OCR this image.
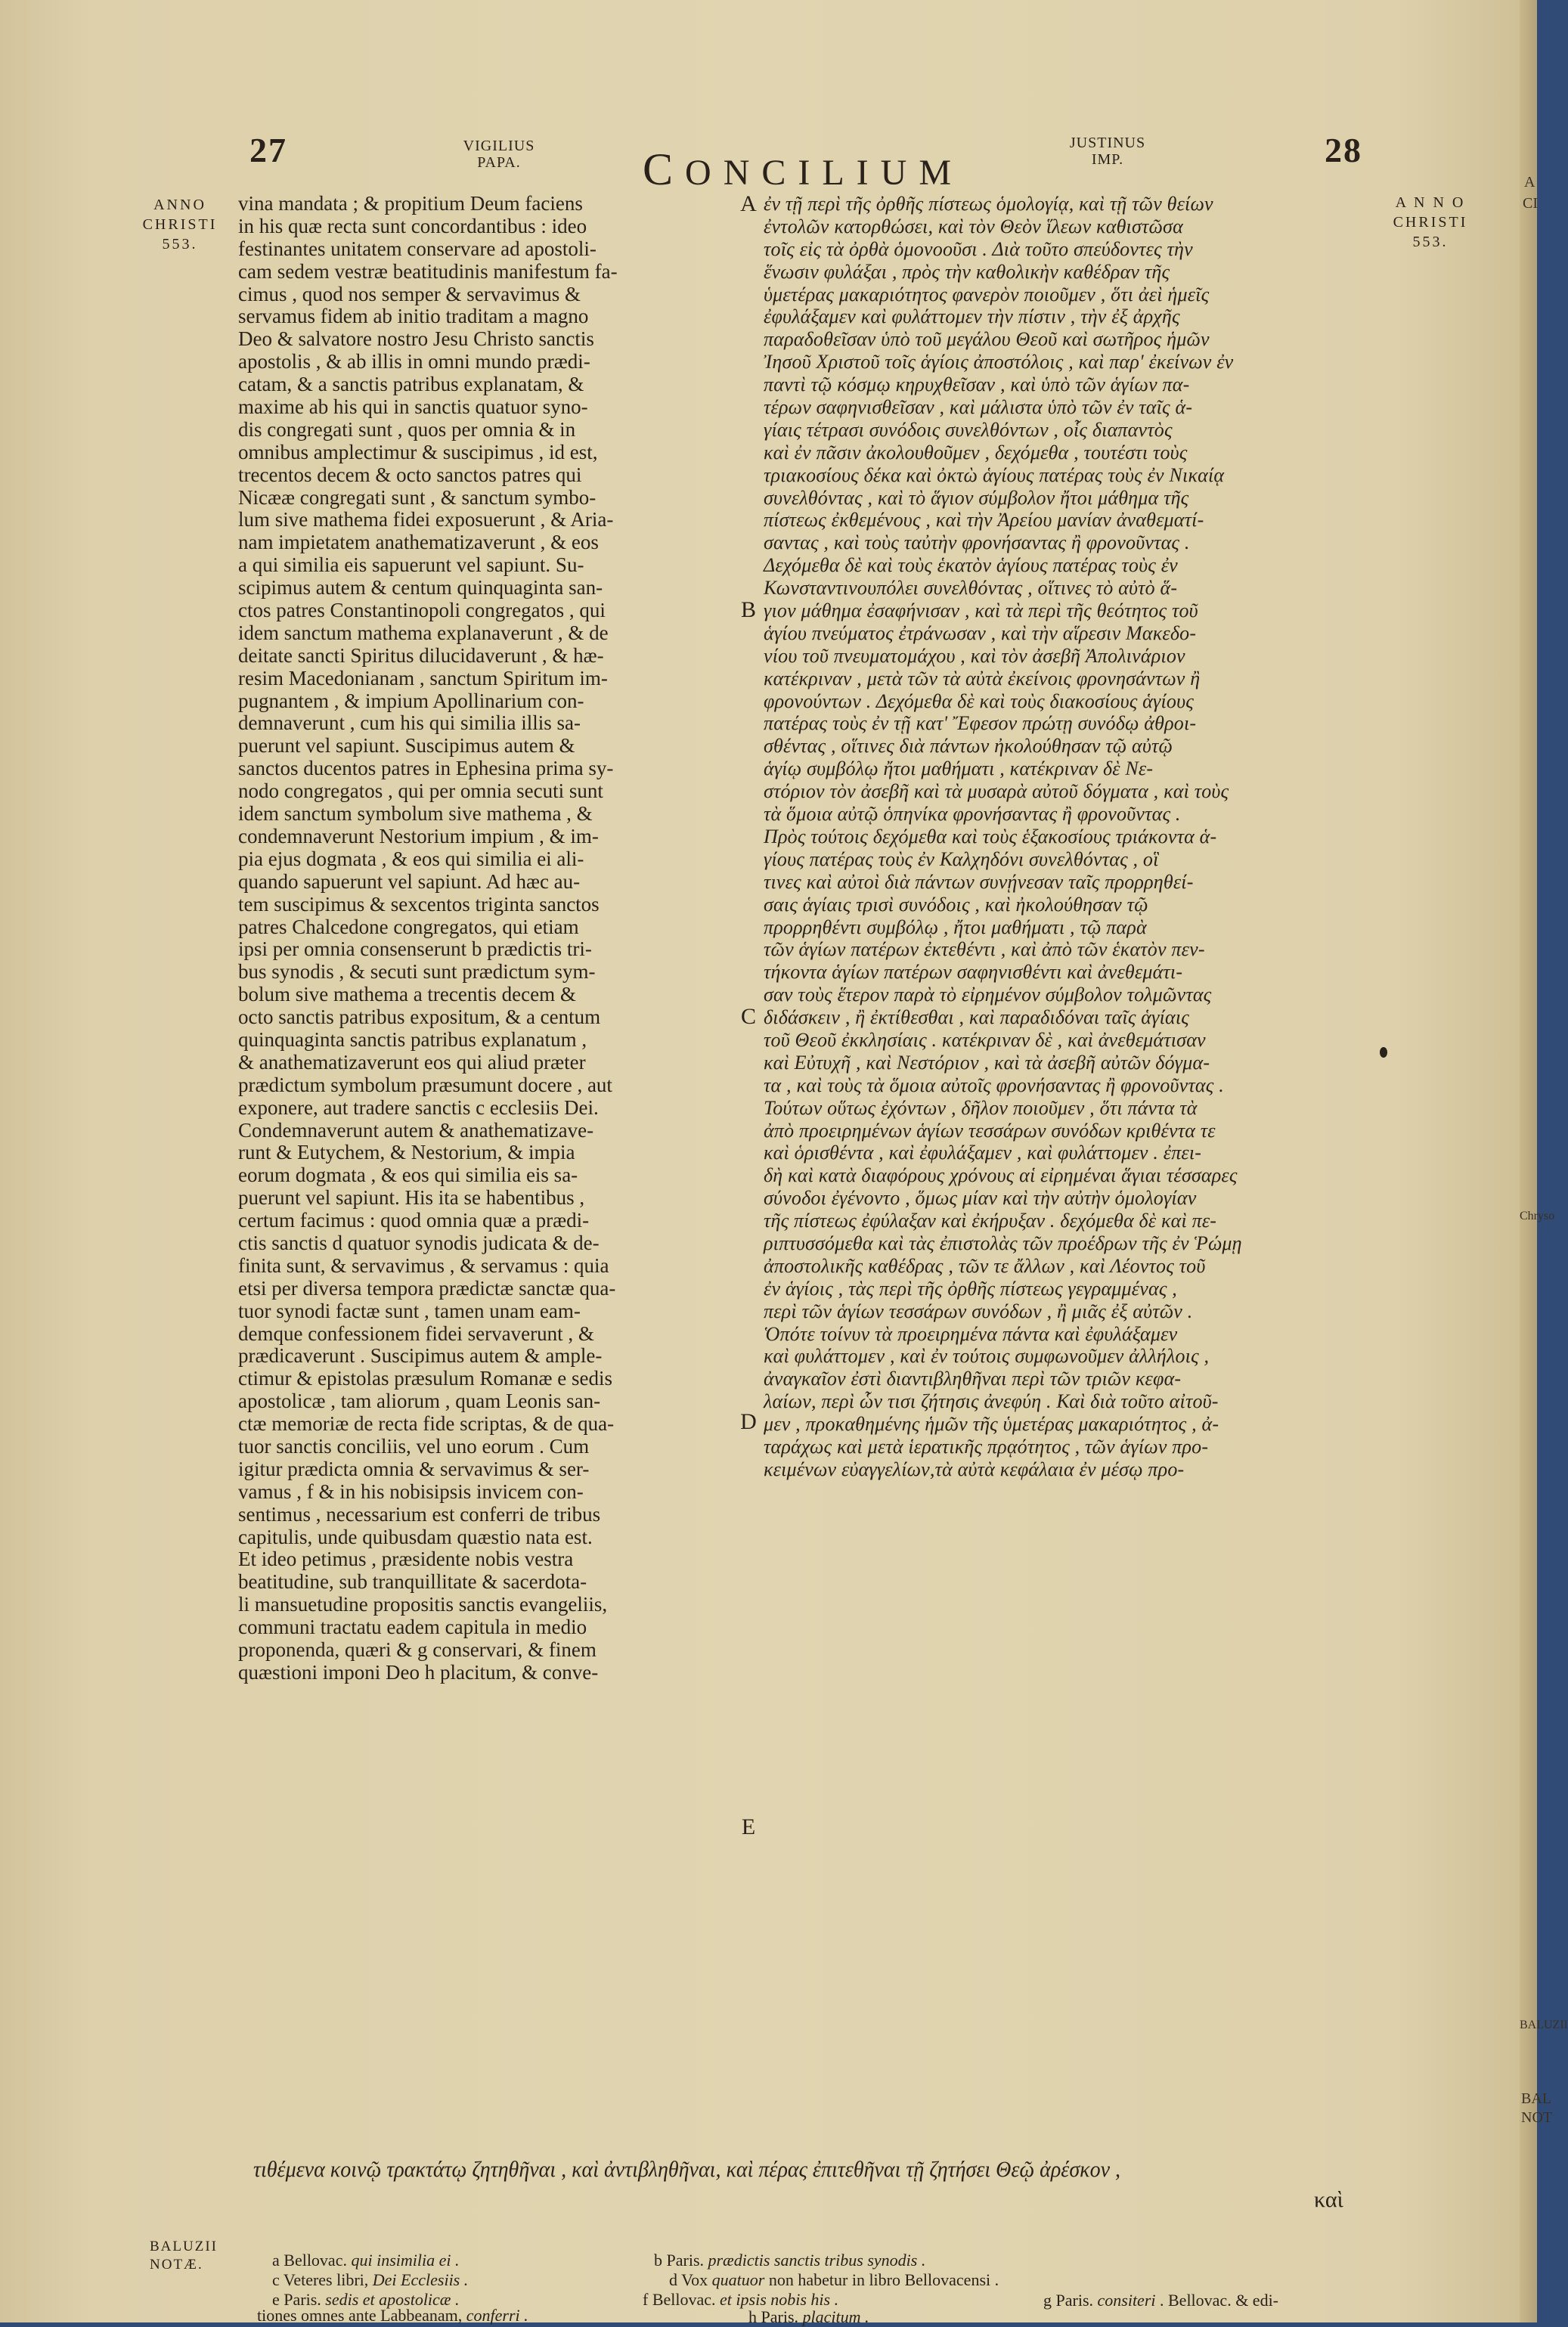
27	VIGILIUS
PAPA.	CONCILIUM
JUSTINUS
IMP.	28
ANNO
CHRISTI
553.
A N N O
CHRISTI
553.
vina mandata ; & propitium Deum faciens
in his quæ recta sunt concordantibus : ideo
festinantes unitatem conservare ad apostoli-
cam sedem vestræ beatitudinis manifestum fa-
cimus , quod nos semper & servavimus &
servamus fidem ab initio traditam a magno
Deo & salvatore nostro Jesu Christo sanctis
apostolis , & ab illis in omni mundo prædi-
catam, & a sanctis patribus explanatam, &
maxime ab his qui in sanctis quatuor syno-
dis congregati sunt , quos per omnia & in
omnibus amplectimur & suscipimus , id est,
trecentos decem & octo sanctos patres qui
Nicææ congregati sunt , & sanctum symbo-
lum sive mathema fidei exposuerunt , & Aria-
nam impietatem anathematizaverunt , & eos
a qui similia eis sapuerunt vel sapiunt. Su-
scipimus autem & centum quinquaginta san-
ctos patres Constantinopoli congregatos , qui
idem sanctum mathema explanaverunt , & de
deitate sancti Spiritus dilucidaverunt , & hæ-
resim Macedonianam , sanctum Spiritum im-
pugnantem , & impium Apollinarium con-
demnaverunt , cum his qui similia illis sa-
puerunt vel sapiunt. Suscipimus autem &
sanctos ducentos patres in Ephesina prima sy-
nodo congregatos , qui per omnia secuti sunt
idem sanctum symbolum sive mathema , &
condemnaverunt Nestorium impium , & im-
pia ejus dogmata , & eos qui similia ei ali-
quando sapuerunt vel sapiunt. Ad hæc au-
tem suscipimus & sexcentos triginta sanctos
patres Chalcedone congregatos, qui etiam
ipsi per omnia consenserunt b prædictis tri-
bus synodis , & secuti sunt prædictum sym-
bolum sive mathema a trecentis decem &
octo sanctis patribus expositum, & a centum
quinquaginta sanctis patribus explanatum ,
& anathematizaverunt eos qui aliud præter
prædictum symbolum præsumunt docere , aut
exponere, aut tradere sanctis c ecclesiis Dei.
Condemnaverunt autem & anathematizave-
runt & Eutychem, & Nestorium, & impia
eorum dogmata , & eos qui similia eis sa-
puerunt vel sapiunt. His ita se habentibus ,
certum facimus : quod omnia quæ a prædi-
ctis sanctis d quatuor synodis judicata & de-
finita sunt, & servavimus , & servamus : quia
etsi per diversa tempora prædictæ sanctæ qua-
tuor synodi factæ sunt , tamen unam eam-
demque confessionem fidei servaverunt , &
prædicaverunt . Suscipimus autem & ample-
ctimur & epistolas præsulum Romanæ e sedis
apostolicæ , tam aliorum , quam Leonis san-
ctæ memoriæ de recta fide scriptas, & de qua-
tuor sanctis conciliis, vel uno eorum . Cum
igitur prædicta omnia & servavimus & ser-
vamus , f & in his nobisipsis invicem con-
sentimus , necessarium est conferri de tribus
capitulis, unde quibusdam quæstio nata est.
Et ideo petimus , præsidente nobis vestra
beatitudine, sub tranquillitate & sacerdota-
li mansuetudine propositis sanctis evangeliis,
communi tractatu eadem capitula in medio
proponenda, quæri & g conservari, & finem
quæstioni imponi Deo h placitum, & conve-
A
B
C
D
E
ἐν τῇ περὶ τῆς ὀρθῆς πίστεως ὁμολογίᾳ, καὶ τῇ τῶν θείων
ἐντολῶν κατορθώσει, καὶ τὸν Θεὸν ἵλεων καθιστῶσα
τοῖς εἰς τὰ ὀρθὰ ὁμονοοῦσι . Διὰ τοῦτο σπεύδοντες τὴν
ἕνωσιν φυλάξαι , πρὸς τὴν καθολικὴν καθέδραν τῆς
ὑμετέρας μακαριότητος φανερὸν ποιοῦμεν , ὅτι ἀεὶ ἡμεῖς
ἐφυλάξαμεν καὶ φυλάττομεν τὴν πίστιν , τὴν ἐξ ἀρχῆς
παραδοθεῖσαν ὑπὸ τοῦ μεγάλου Θεοῦ καὶ σωτῆρος ἡμῶν
Ἰησοῦ Χριστοῦ τοῖς ἁγίοις ἀποστόλοις , καὶ παρ' ἐκείνων ἐν
παντὶ τῷ κόσμῳ κηρυχθεῖσαν , καὶ ὑπὸ τῶν ἁγίων πα-
τέρων σαφηνισθεῖσαν , καὶ μάλιστα ὑπὸ τῶν ἐν ταῖς ἁ-
γίαις τέτρασι συνόδοις συνελθόντων , οἷς διαπαντὸς
καὶ ἐν πᾶσιν ἀκολουθοῦμεν , δεχόμεθα , τουτέστι τοὺς
τριακοσίους δέκα καὶ ὀκτὼ ἁγίους πατέρας τοὺς ἐν Νικαίᾳ
συνελθόντας , καὶ τὸ ἅγιον σύμβολον ἤτοι μάθημα τῆς
πίστεως ἐκθεμένους , καὶ τὴν Ἀρείου μανίαν ἀναθεματί-
σαντας , καὶ τοὺς ταὐτὴν φρονήσαντας ἢ φρονοῦντας .
Δεχόμεθα δὲ καὶ τοὺς ἑκατὸν ἁγίους πατέρας τοὺς ἐν
Κωνσταντινουπόλει συνελθόντας , οἵτινες τὸ αὐτὸ ἅ-
γιον μάθημα ἐσαφήνισαν , καὶ τὰ περὶ τῆς θεότητος τοῦ
ἁγίου πνεύματος ἐτράνωσαν , καὶ τὴν αἵρεσιν Μακεδο-
νίου τοῦ πνευματομάχου , καὶ τὸν ἀσεβῆ Ἀπολινάριον
κατέκριναν , μετὰ τῶν τὰ αὐτὰ ἐκείνοις φρονησάντων ἢ
φρονούντων . Δεχόμεθα δὲ καὶ τοὺς διακοσίους ἁγίους
πατέρας τοὺς ἐν τῇ κατ' Ἔφεσον πρώτῃ συνόδῳ ἀθροι-
σθέντας , οἵτινες διὰ πάντων ἠκολούθησαν τῷ αὐτῷ
ἁγίῳ συμβόλῳ ἤτοι μαθήματι , κατέκριναν δὲ Νε-
στόριον τὸν ἀσεβῆ καὶ τὰ μυσαρὰ αὐτοῦ δόγματα , καὶ τοὺς
τὰ ὅμοια αὐτῷ ὁπηνίκα φρονήσαντας ἢ φρονοῦντας .
Πρὸς τούτοις δεχόμεθα καὶ τοὺς ἑξακοσίους τριάκοντα ἁ-
γίους πατέρας τοὺς ἐν Καλχηδόνι συνελθόντας , οἳ
τινες καὶ αὐτοὶ διὰ πάντων συνῄνεσαν ταῖς προρρηθεί-
σαις ἁγίαις τρισὶ συνόδοις , καὶ ἠκολούθησαν τῷ
προρρηθέντι συμβόλῳ , ἤτοι μαθήματι , τῷ παρὰ
τῶν ἁγίων πατέρων ἐκτεθέντι , καὶ ἀπὸ τῶν ἑκατὸν πεν-
τήκοντα ἁγίων πατέρων σαφηνισθέντι καὶ ἀνεθεμάτι-
σαν τοὺς ἕτερον παρὰ τὸ εἰρημένον σύμβολον τολμῶντας
διδάσκειν , ἢ ἐκτίθεσθαι , καὶ παραδιδόναι ταῖς ἁγίαις
τοῦ Θεοῦ ἐκκλησίαις . κατέκριναν δὲ , καὶ ἀνεθεμάτισαν
καὶ Εὐτυχῆ , καὶ Νεστόριον , καὶ τὰ ἀσεβῆ αὐτῶν δόγμα-
τα , καὶ τοὺς τὰ ὅμοια αὐτοῖς φρονήσαντας ἢ φρονοῦντας .
Τούτων οὕτως ἐχόντων , δῆλον ποιοῦμεν , ὅτι πάντα τὰ
ἀπὸ προειρημένων ἁγίων τεσσάρων συνόδων κριθέντα τε
καὶ ὁρισθέντα , καὶ ἐφυλάξαμεν , καὶ φυλάττομεν . ἐπει-
δὴ καὶ κατὰ διαφόρους χρόνους αἱ εἰρημέναι ἅγιαι τέσσαρες
σύνοδοι ἐγένοντο , ὅμως μίαν καὶ τὴν αὐτὴν ὁμολογίαν
τῆς πίστεως ἐφύλαξαν καὶ ἐκήρυξαν . δεχόμεθα δὲ καὶ πε-
ριπτυσσόμεθα καὶ τὰς ἐπιστολὰς τῶν προέδρων τῆς ἐν Ῥώμῃ
ἀποστολικῆς καθέδρας , τῶν τε ἄλλων , καὶ Λέοντος τοῦ
ἐν ἁγίοις , τὰς περὶ τῆς ὀρθῆς πίστεως γεγραμμένας ,
περὶ τῶν ἁγίων τεσσάρων συνόδων , ἢ μιᾶς ἐξ αὐτῶν .
Ὁπότε τοίνυν τὰ προειρημένα πάντα καὶ ἐφυλάξαμεν
καὶ φυλάττομεν , καὶ ἐν τούτοις συμφωνοῦμεν ἀλλήλοις ,
ἀναγκαῖον ἐστὶ διαντιβληθῆναι περὶ τῶν τριῶν κεφα-
λαίων, περὶ ὧν τισι ζήτησις ἀνεφύη . Καὶ διὰ τοῦτο αἰτοῦ-
μεν , προκαθημένης ἡμῶν τῆς ὑμετέρας μακαριότητος , ἀ-
ταράχως καὶ μετὰ ἱερατικῆς πρᾳότητος , τῶν ἁγίων προ-
κειμένων εὐαγγελίων,τὰ αὐτὰ κεφάλαια ἐν μέσῳ προ-
τιθέμενα κοινῷ τρακτάτῳ ζητηθῆναι , καὶ ἀντιβληθῆναι, καὶ πέρας ἐπιτεθῆναι τῇ ζητήσει Θεῷ ἀρέσκον ,
καὶ
BALUZII
NOTÆ.	a Bellovac. qui insimilia ei .	b Paris. prædictis sanctis tribus synodis .
c Veteres libri, Dei Ecclesiis .	d Vox quatuor non habetur in libro Bellovacensi .
e Paris. sedis et apostolicæ .	f Bellovac. et ipsis nobis his .	g Paris. consiteri . Bellovac. & edi-
tiones omnes ante Labbeanam, conferri .	h Paris. placitum .
A
CI
Chryso
BALUZII
BAL
NOT
